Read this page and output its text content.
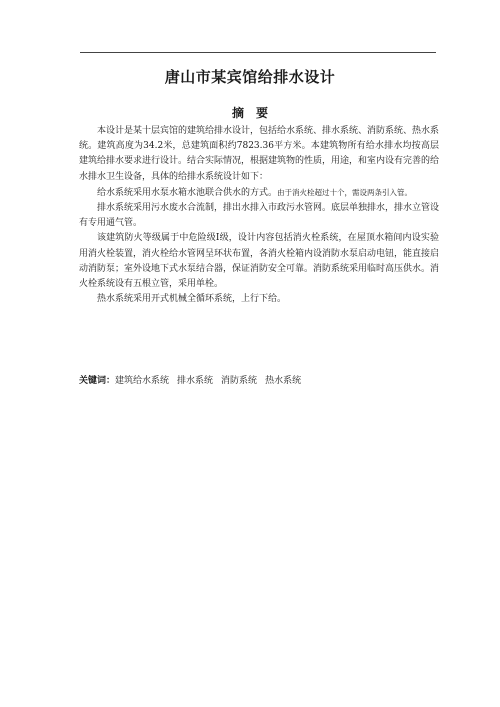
唐山市某宾馆给排水设计
摘　要

本设计是某十层宾馆的建筑给排水设计，包括给水系统、排水系统、消防系统、热水系统。建筑高度为34.2米，总建筑面积约7823.36平方米。本建筑物所有给水排水均按高层建筑给排水要求进行设计。结合实际情况，根据建筑物的性质，用途，和室内设有完善的给水排水卫生设备，具体的给排水系统设计如下：

给水系统采用水泵水箱水池联合供水的方式。由于消火栓超过十个，需设两条引入管。

排水系统采用污水废水合流制，排出水排入市政污水管网。底层单独排水，排水立管设有专用通气管。

该建筑防火等级属于中危险级Ⅰ级，设计内容包括消火栓系统，在屋顶水箱间内设实验用消火栓装置，消火栓给水管网呈环状布置，各消火栓箱内设消防水泵启动电钮，能直接启动消防泵；室外设地下式水泵结合器，保证消防安全可靠。消防系统采用临时高压供水。消火栓系统设有五根立管，采用单栓。

热水系统采用开式机械全循环系统，上行下给。

关键词：建筑给水系统 排水系统 消防系统 热水系统
